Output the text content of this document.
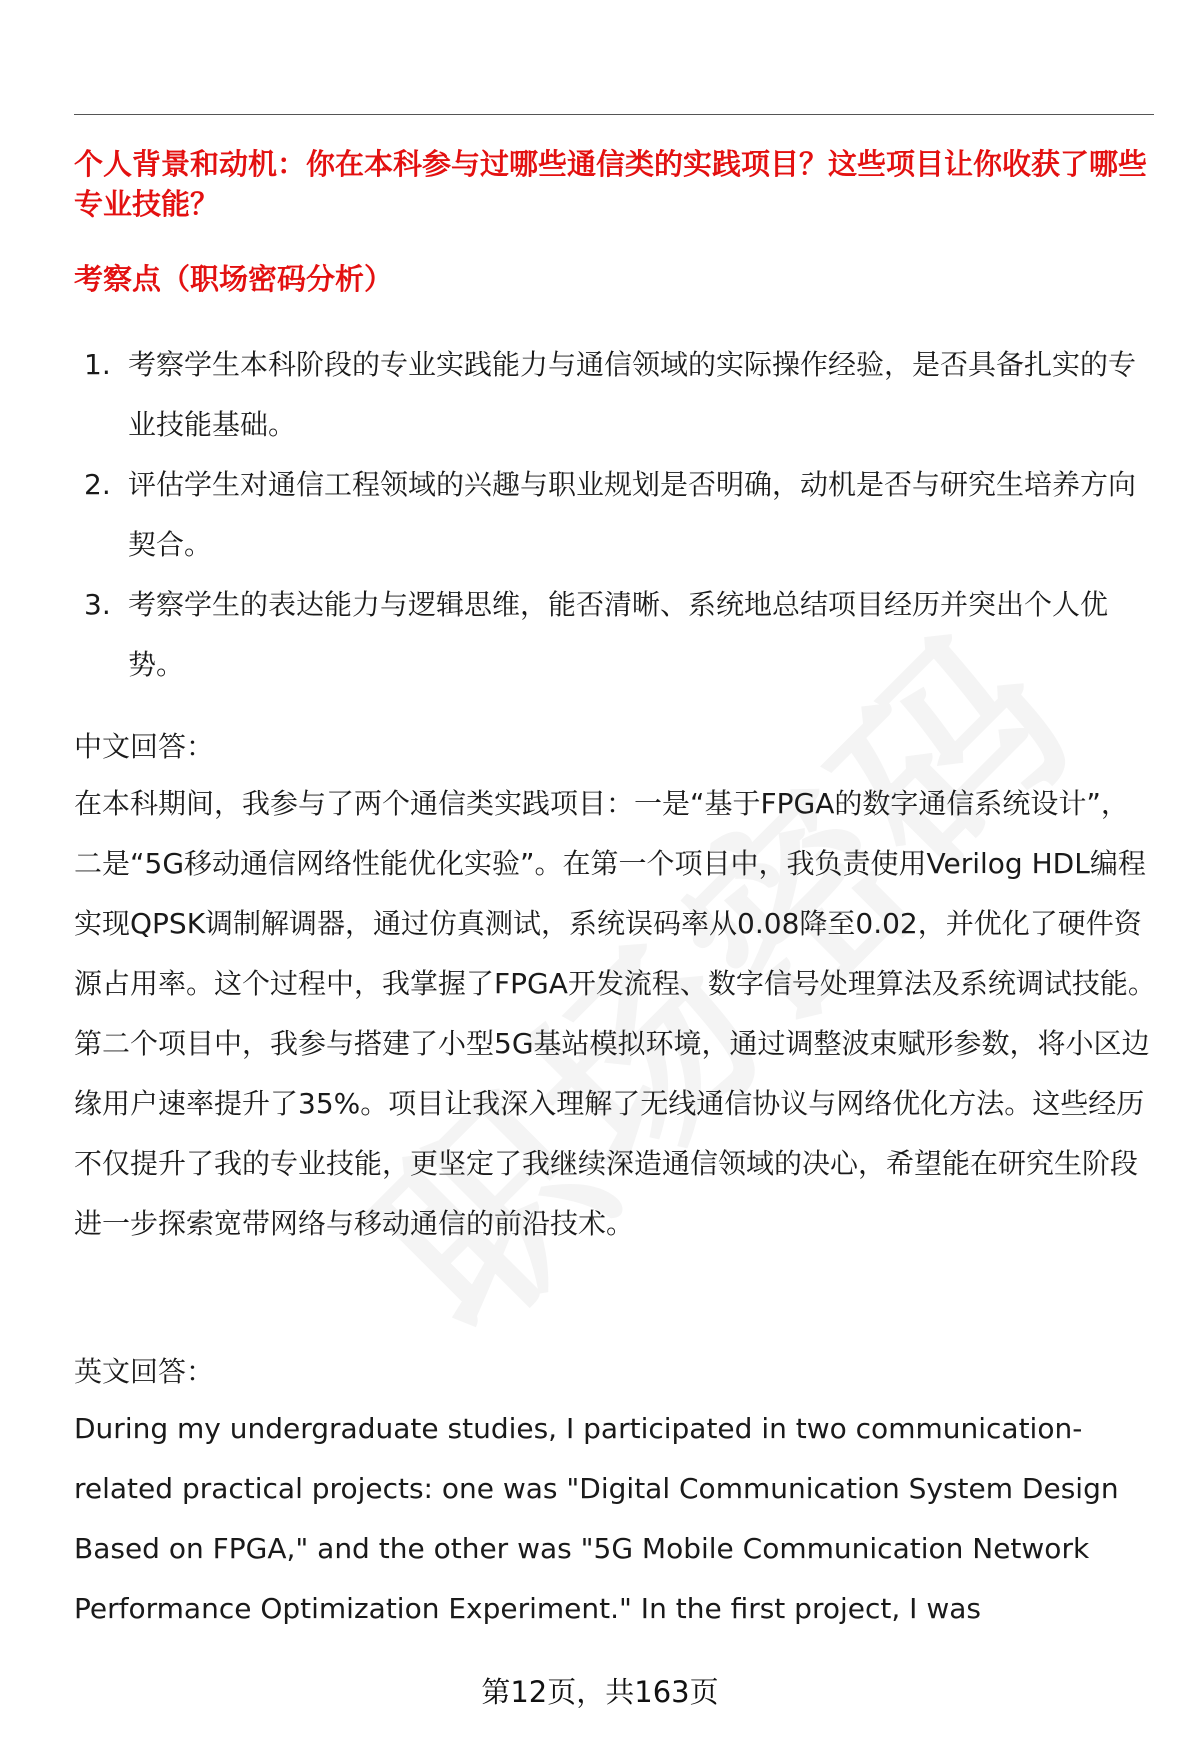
个人背景和动机：你在本科参与过哪些通信类的实践项目？这些项目让你收获了哪些专业技能？
考察点（职场密码分析）
1. 考察学生本科阶段的专业实践能力与通信领域的实际操作经验，是否具备扎实的专业技能基础。
2. 评估学生对通信工程领域的兴趣与职业规划是否明确，动机是否与研究生培养方向契合。
3. 考察学生的表达能力与逻辑思维，能否清晰、系统地总结项目经历并突出个人优势。
中文回答：

在本科期间，我参与了两个通信类实践项目：一是“基于FPGA的数字通信系统设计”，二是“5G移动通信网络性能优化实验”。在第一个项目中，我负责使用Verilog HDL编程实现QPSK调制解调器，通过仿真测试，系统误码率从0.08降至0.02，并优化了硬件资源占用率。这个过程中，我掌握了FPGA开发流程、数字信号处理算法及系统调试技能。第二个项目中，我参与搭建了小型5G基站模拟环境，通过调整波束赋形参数，将小区边缘用户速率提升了35%。项目让我深入理解了无线通信协议与网络优化方法。这些经历不仅提升了我的专业技能，更坚定了我继续深造通信领域的决心，希望能在研究生阶段进一步探索宽带网络与移动通信的前沿技术。

英文回答：

During my undergraduate studies, I participated in two communication-related practical projects: one was "Digital Communication System Design Based on FPGA," and the other was "5G Mobile Communication Network Performance Optimization Experiment." In the first project, I was

第12页，共163页
